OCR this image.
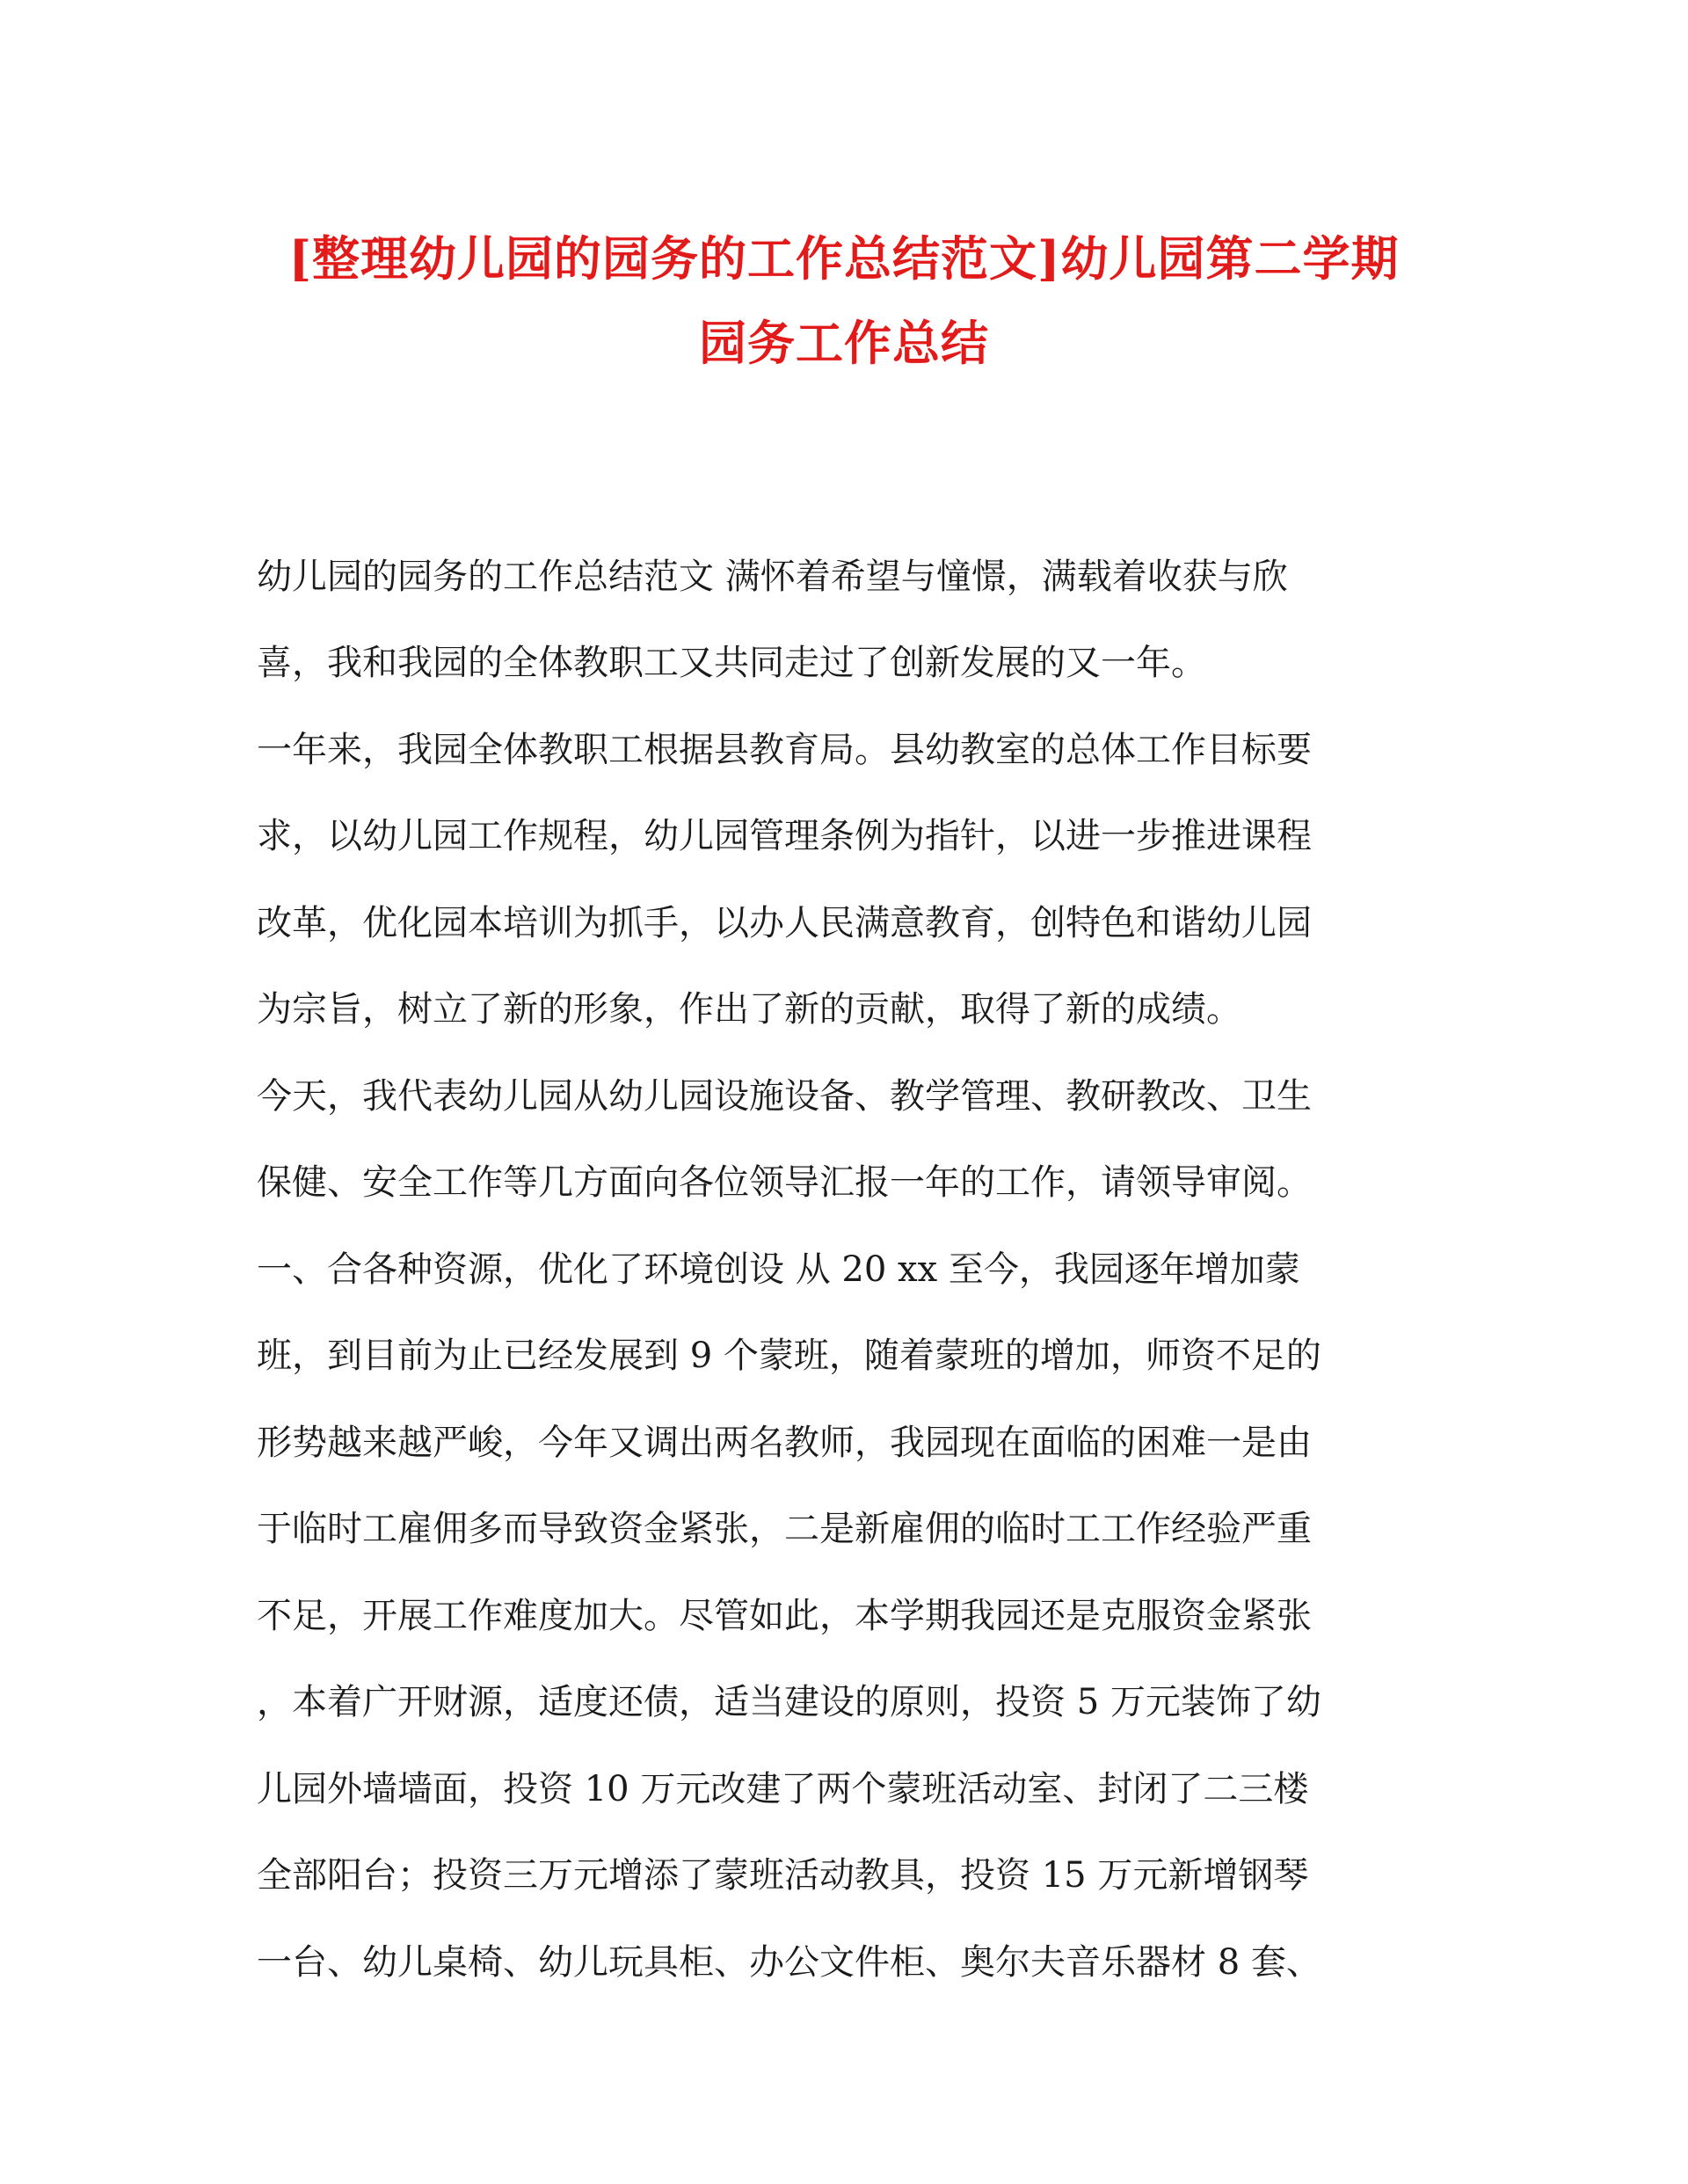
[整理幼儿园的园务的工作总结范文]幼儿园第二学期
园务工作总结
幼儿园的园务的工作总结范文 满怀着希望与憧憬，满载着收获与欣
喜，我和我园的全体教职工又共同走过了创新发展的又一年。
一年来，我园全体教职工根据县教育局。县幼教室的总体工作目标要
求，以幼儿园工作规程，幼儿园管理条例为指针，以进一步推进课程
改革，优化园本培训为抓手，以办人民满意教育，创特色和谐幼儿园
为宗旨，树立了新的形象，作出了新的贡献，取得了新的成绩。
今天，我代表幼儿园从幼儿园设施设备、教学管理、教研教改、卫生
保健、安全工作等几方面向各位领导汇报一年的工作，请领导审阅。
一、合各种资源，优化了环境创设 从 20 xx 至今，我园逐年增加蒙
班，到目前为止已经发展到 9 个蒙班，随着蒙班的增加，师资不足的
形势越来越严峻，今年又调出两名教师，我园现在面临的困难一是由
于临时工雇佣多而导致资金紧张，二是新雇佣的临时工工作经验严重
不足，开展工作难度加大。尽管如此，本学期我园还是克服资金紧张
，本着广开财源，适度还债，适当建设的原则，投资 5 万元装饰了幼
儿园外墙墙面，投资 10 万元改建了两个蒙班活动室、封闭了二三楼
全部阳台；投资三万元增添了蒙班活动教具，投资 15 万元新增钢琴
一台、幼儿桌椅、幼儿玩具柜、办公文件柜、奥尔夫音乐器材 8 套、
